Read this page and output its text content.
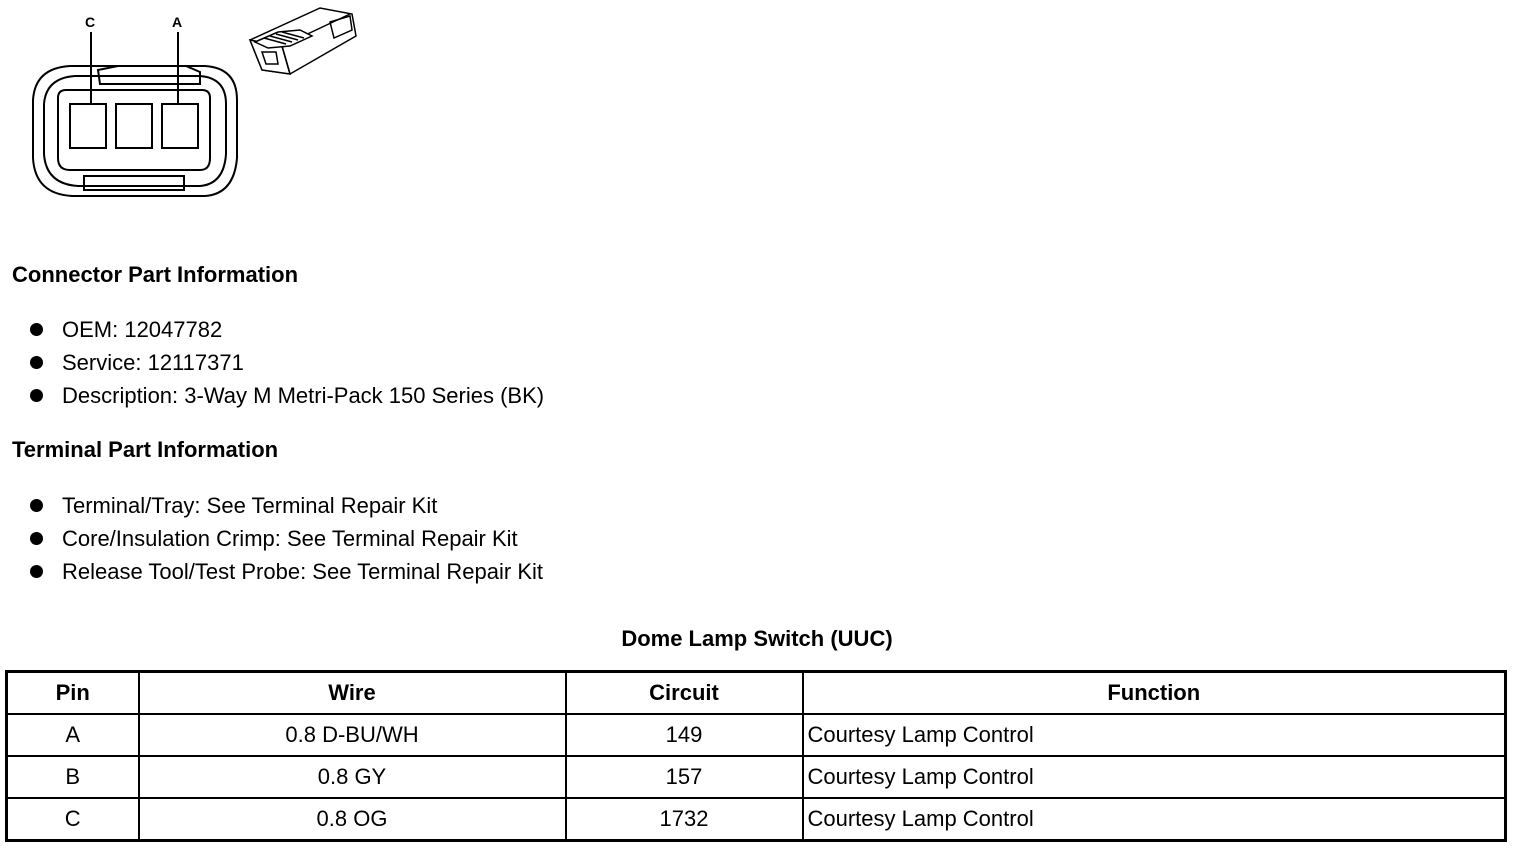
C	A
Connector Part Information
OEM: 12047782
Service: 12117371
Description: 3-Way M Metri-Pack 150 Series (BK)
Terminal Part Information
Terminal/Tray: See Terminal Repair Kit
Core/Insulation Crimp: See Terminal Repair Kit
Release Tool/Test Probe: See Terminal Repair Kit
Dome Lamp Switch (UUC)
Pin	Wire	Circuit	Function
A	0.8 D-BU/WH	149	Courtesy Lamp Control
B	0.8 GY	157	Courtesy Lamp Control
C	0.8 OG	1732	Courtesy Lamp Control
